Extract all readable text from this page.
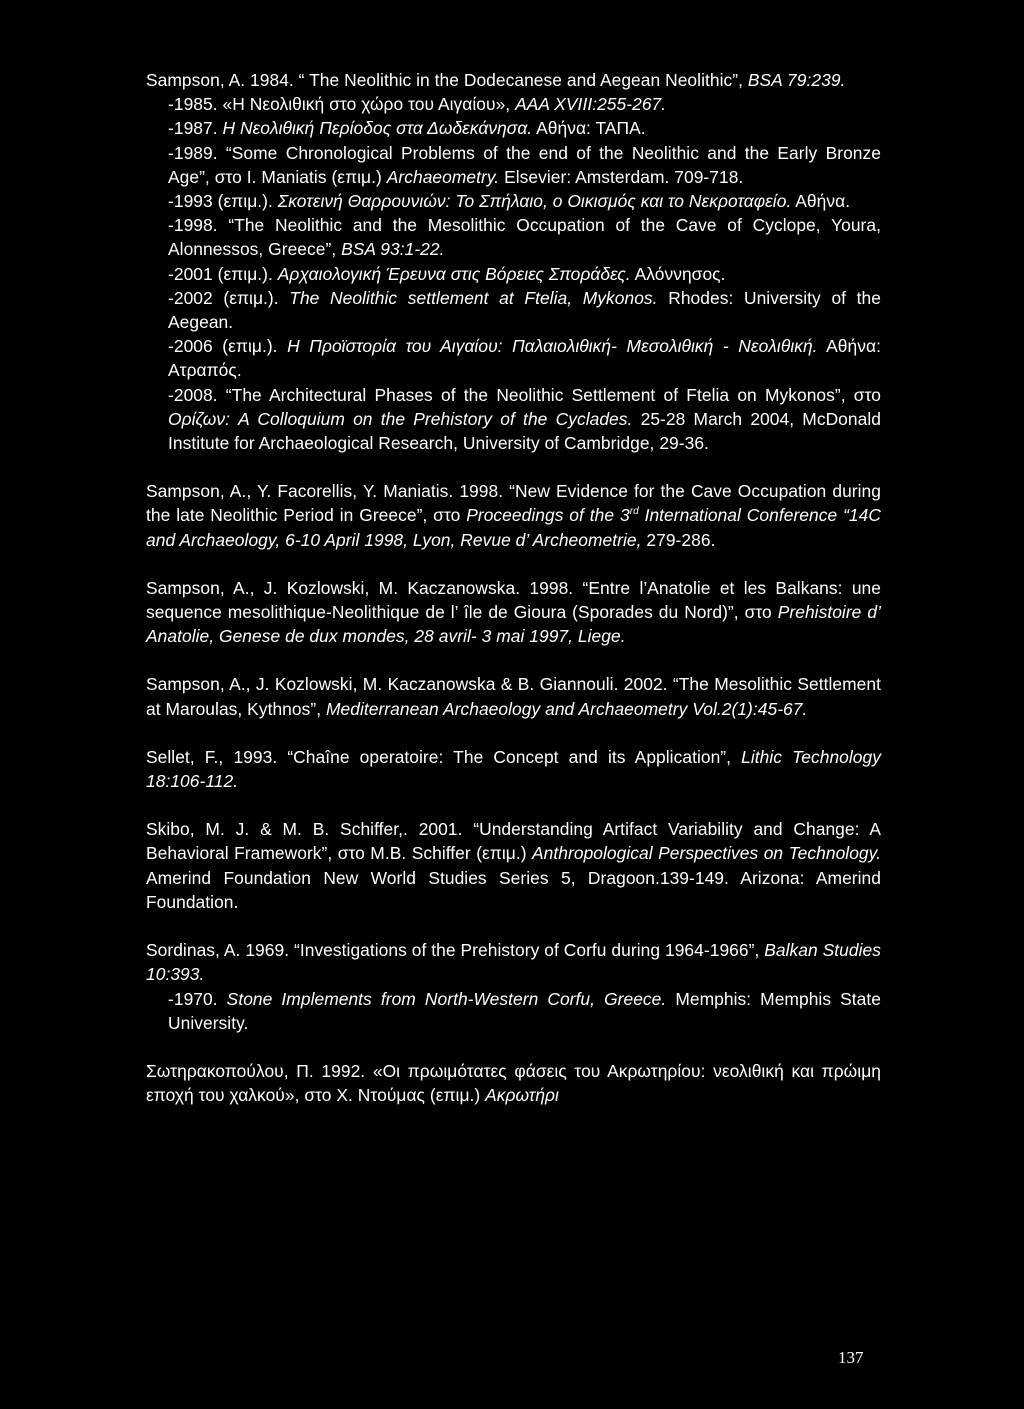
Sampson, A. 1984. “ The Neolithic in the Dodecanese and Aegean Neolithic”, BSA 79:239.

-1985. «Η Νεολιθική στο χώρο του Αιγαίου», ΑΑΑ XVIII:255-267.

-1987. Η Νεολιθική Περίοδος στα Δωδεκάνησα. Αθήνα: ΤΑΠΑ.

-1989. “Some Chronological Problems of the end of the Neolithic and the Early Bronze Age”, στο I. Maniatis (επιμ.) Archaeometry. Elsevier: Amsterdam. 709-718.

-1993 (επιμ.). Σκοτεινή Θαρρουνιών: Το Σπήλαιο, ο Οικισμός και το Νεκροταφείο. Αθήνα.

-1998. “The Neolithic and the Mesolithic Occupation of the Cave of Cyclope, Youra, Alonnessos, Greece”, BSA 93:1-22.

-2001 (επιμ.). Αρχαιολογική Έρευνα στις Βόρειες Σποράδες. Αλόννησος.

-2002 (επιμ.). The Neolithic settlement at Ftelia, Mykonos. Rhodes: University of the Aegean.

-2006 (επιμ.). Η Προϊστορία του Αιγαίου: Παλαιολιθική- Μεσολιθική - Νεολιθική. Αθήνα: Ατραπός.

-2008. “The Architectural Phases of the Neolithic Settlement of Ftelia on Mykonos”, στο Ορίζων: A Colloquium on the Prehistory of the Cyclades. 25-28 March 2004, McDonald Institute for Archaeological Research, University of Cambridge, 29-36.

Sampson, A., Y. Facorellis, Y. Maniatis. 1998. “New Evidence for the Cave Occupation during the late Neolithic Period in Greece”, στο Proceedings of the 3rd International Conference “14C and Archaeology, 6-10 April 1998, Lyon, Revue d’ Archeometrie, 279-286.

Sampson, A., J. Kozlowski, M. Kaczanowska. 1998. “Entre l’Anatolie et les Balkans: une sequence mesolithique-Neolithique de l’ île de Gioura (Sporades du Nord)”, στο Prehistoire d’ Anatolie, Genese de dux mondes, 28 avril- 3 mai 1997, Liege.

Sampson, A., J. Kozlowski, M. Kaczanowska & B. Giannouli. 2002. “The Mesolithic Settlement at Maroulas, Kythnos”, Mediterranean Archaeology and Archaeometry Vol.2(1):45-67.

Sellet, F., 1993. “Chaîne operatoire: The Concept and its Application”, Lithic Technology 18:106-112.

Skibo, M. J. & M. B. Schiffer,. 2001. “Understanding Artifact Variability and Change: A Behavioral Framework”, στο M.B. Schiffer (επιμ.) Anthropological Perspectives on Technology. Amerind Foundation New World Studies Series 5, Dragoon.139-149. Arizona: Amerind Foundation.

Sordinas, A. 1969. “Investigations of the Prehistory of Corfu during 1964-1966”, Balkan Studies 10:393.

-1970. Stone Implements from North-Western Corfu, Greece. Memphis: Memphis State University.

Σωτηρακοπούλου, Π. 1992. «Οι πρωιμότατες φάσεις του Ακρωτηρίου: νεολιθική και πρώιμη εποχή του χαλκού», στο Χ. Ντούμας (επιμ.) Ακρωτήρι

137
